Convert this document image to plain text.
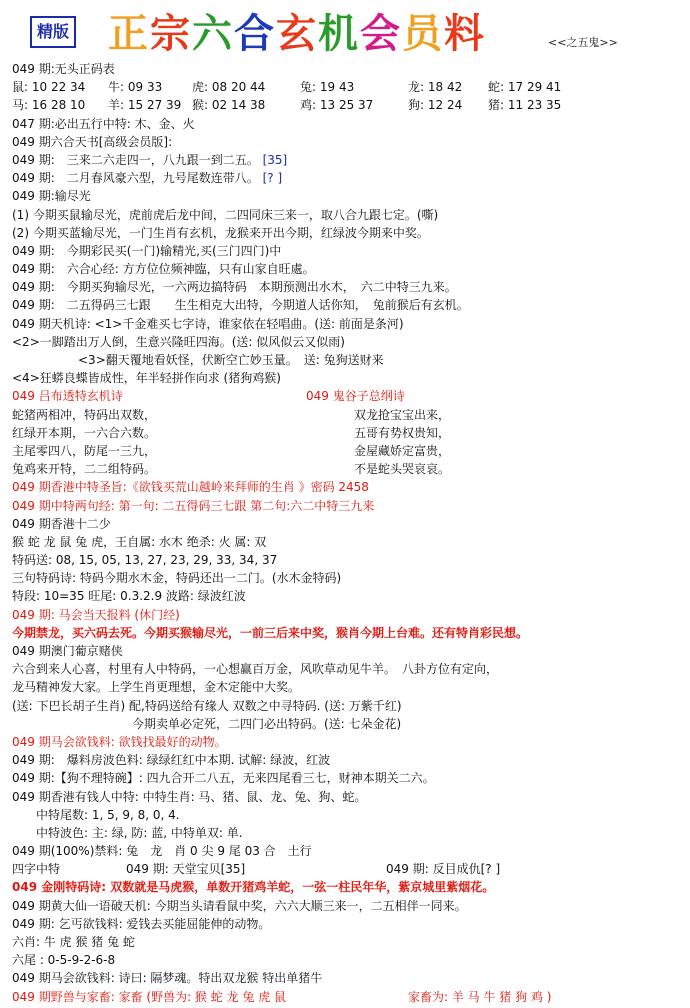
精版 正宗六合玄机会员料	<<之五鬼>>
049 期:无头正码表
鼠: 10 22 34 牛: 09 33 虎: 08 20 44	兔: 19 43	龙: 18 42 蛇: 17 29 41
马: 16 28 10 羊: 15 27 39 猴: 02 14 38	鸡: 13 25 37	狗: 12 24 猪: 11 23 35
047 期:必出五行中特: 木、金、火
049 期六合天书[高级会员版]:
049 期:　三来二六走四一，八九跟一到二五。 [35]
049 期:　二月春风豪六型，九号尾数连带八。 [? ]
049 期:输尽光
(1) 今期买鼠输尽光，虎前虎后龙中间，二四同床三来一，取八合九跟七定。(嘶)
(2) 今期买蓝输尽光，一门生肖有玄机，龙猴来开出今期，红绿波今期来中奖。
049 期:　今期彩民买(一门)输精光,买(三门四门)中
049 期:　六合心经: 方方位位频神臨，只有山家自旺處。
049 期:　今期买狗输尽光，一六两边搞特码　本期预测出水木，　六二中特三九来。
049 期:　二五得码三七跟　　生生相克大出特，今期道人话你知，　兔前猴后有玄机。
049 期天机诗: <1>千金难买七字诗，谁家依在轻唱曲。(送: 前面是条河)
<2>一脚踏出万人倒，生意兴隆旺四海。(送: 似风似云又似雨)
<3>翻天覆地看妖怪，伏断空亡妙玉量。　送: 兔狗送财来
<4>狂蟒良蝶皆成性，年半轻拼作向求 (猪狗鸡猴)
049 吕布透特玄机诗	049 鬼谷子总纲诗
蛇猪两相冲，特码出双数，	双龙抢宝宝出来，
红绿开本期，一六合六数。	五哥有势权贵知，
主尾零四八，防尾一三九，	金屋藏娇定富贵，
兔鸡来开特，二二组特码。	不是蛇头哭哀哀。
049 期香港中特圣旨:《欲钱买荒山越岭来拜师的生肖 》密码 2458
049 期中特两句经: 第一句: 二五得码三七跟 第二句:六二中特三九来
049 期香港十二少
猴 蛇 龙 鼠 兔 虎，王自属: 水木 绝杀: 火 属: 双
特码送: 08, 15, 05, 13, 27, 23, 29, 33, 34, 37
三句特码诗: 特码今期水木金，特码还出一二门。(水木金特码)
特段: 10=35 旺尾: 0.3.2.9 波路: 绿波红波
049 期: 马会当天报料 (休门经)
今期禁龙，买六码去死。今期买猴输尽光，一前三后来中奖，猴肖今期上台难。还有特肖彩民想。
049 期澳门葡京赌侠
六合到来人心喜，村里有人中特码，一心想赢百万金，风吹草动见牛羊。　八卦方位有定向，
龙马精神发大家。上学生肖更理想，金木定能中大奖。
(送: 下巴长胡子生肖) 配,特码送给有缘人 双数之中寻特码. (送: 万紫千红)
今期卖单必定死，二四门必出特码。(送: 七朵金花)
049 期马会欲钱料: 欲钱找最好的动物。
049 期:　爆料房波色料: 绿绿红红中本期. 试解: 绿波，红波
049 期:【狗不理特碗】: 四九合开二八五，无来四尾看三七，财神本期关二六。
049 期香港有钱人中特: 中特生肖: 马、猪、鼠、龙、兔、狗、蛇。
中特尾数: 1, 5, 9, 8, 0, 4.
中特波色: 主: 绿, 防: 蓝, 中特单双: 单.
049 期(100%)禁料: 兔　龙　肖 0 尖 9 尾 03 合　土行
四字中特	049 期: 天堂宝贝[35]	049 期: 反目成仇[? ]
049 金刚特码诗: 双数就是马虎猴，单数开猪鸡羊蛇，一弦一柱民年华，紫京城里紫烟花。
049 期黄大仙一语破天机: 今期当头请看鼠中奖，六六大顺三来一，二五相伴一同来。
049 期: 乞丐欲钱料: 爱钱去买能屈能伸的动物。
六肖: 牛 虎 猴 猪 兔 蛇
六尾 : 0-5-9-2-6-8
049 期马会欲钱料: 诗曰: 隔梦魂。特出双龙猴 特出单猪牛
049 期野兽与家畜: 家畜 (野兽为: 猴 蛇 龙 兔 虎 鼠	家畜为: 羊 马 牛 猪 狗 鸡 )
